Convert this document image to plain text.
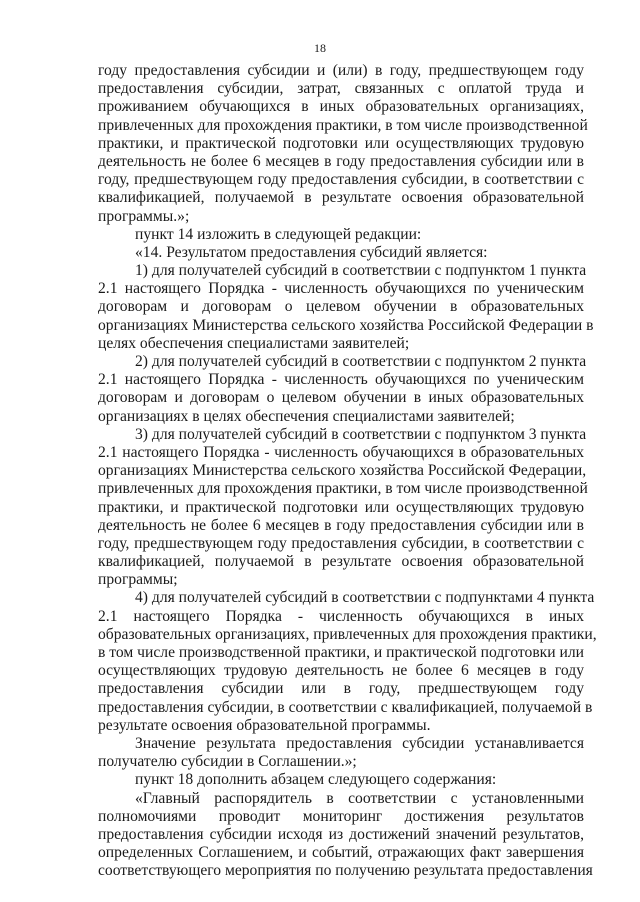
18
году предоставления субсидии и (или) в году, предшествующем году
предоставления субсидии, затрат, связанных с оплатой труда и
проживанием обучающихся в иных образовательных организациях,
привлеченных для прохождения практики, в том числе производственной
практики, и практической подготовки или осуществляющих трудовую
деятельность не более 6 месяцев в году предоставления субсидии или в
году, предшествующем году предоставления субсидии, в соответствии с
квалификацией, получаемой в результате освоения образовательной
программы.»;
пункт 14 изложить в следующей редакции:
«14. Результатом предоставления субсидий является:
1) для получателей субсидий в соответствии с подпунктом 1 пункта
2.1 настоящего Порядка - численность обучающихся по ученическим
договорам и договорам о целевом обучении в образовательных
организациях Министерства сельского хозяйства Российской Федерации в
целях обеспечения специалистами заявителей;
2) для получателей субсидий в соответствии с подпунктом 2 пункта
2.1 настоящего Порядка - численность обучающихся по ученическим
договорам и договорам о целевом обучении в иных образовательных
организациях в целях обеспечения специалистами заявителей;
3) для получателей субсидий в соответствии с подпунктом 3 пункта
2.1 настоящего Порядка - численность обучающихся в образовательных
организациях Министерства сельского хозяйства Российской Федерации,
привлеченных для прохождения практики, в том числе производственной
практики, и практической подготовки или осуществляющих трудовую
деятельность не более 6 месяцев в году предоставления субсидии или в
году, предшествующем году предоставления субсидии, в соответствии с
квалификацией, получаемой в результате освоения образовательной
программы;
4) для получателей субсидий в соответствии с подпунктами 4 пункта
2.1 настоящего Порядка - численность обучающихся в иных
образовательных организациях, привлеченных для прохождения практики,
в том числе производственной практики, и практической подготовки или
осуществляющих трудовую деятельность не более 6 месяцев в году
предоставления субсидии или в году, предшествующем году
предоставления субсидии, в соответствии с квалификацией, получаемой в
результате освоения образовательной программы.
Значение результата предоставления субсидии устанавливается
получателю субсидии в Соглашении.»;
пункт 18 дополнить абзацем следующего содержания:
«Главный распорядитель в соответствии с установленными
полномочиями проводит мониторинг достижения результатов
предоставления субсидии исходя из достижений значений результатов,
определенных Соглашением, и событий, отражающих факт завершения
соответствующего мероприятия по получению результата предоставления
